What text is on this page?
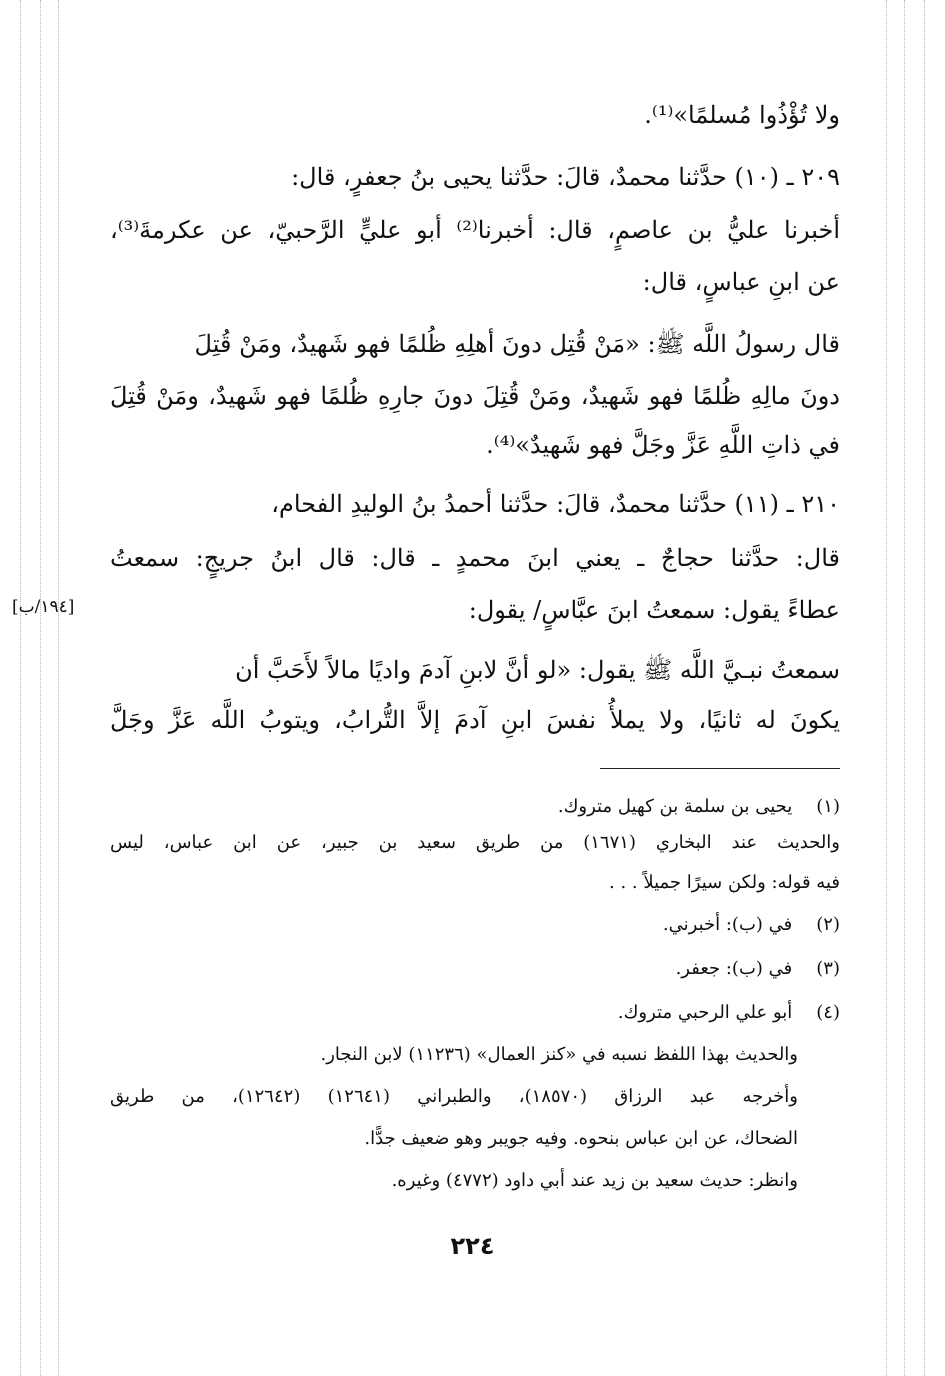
ولا تُؤْذُوا مُسلمًا»⁽¹⁾.
٢٠٩ ـ (١٠) حدَّثنا محمدٌ، قالَ: حدَّثنا يحيى بنُ جعفرٍ، قال:
أخبرنا عليُّ بن عاصمٍ، قال: أخبرنا⁽²⁾ أبو عليٍّ الرَّحبيّ، عن عكرمةَ⁽³⁾،
عن ابنِ عباسٍ، قال:
قال رسولُ اللَّه ﷺ: «مَنْ قُتِل دونَ أهلِهِ ظُلمًا فهو شَهيدٌ، ومَنْ قُتِلَ
دونَ مالِهِ ظُلمًا فهو شَهيدٌ، ومَنْ قُتِلَ دونَ جارِهِ ظُلمًا فهو شَهيدٌ، ومَنْ قُتِلَ
في ذاتِ اللَّهِ عَزَّ وجَلَّ فهو شَهيدٌ»⁽⁴⁾.
٢١٠ ـ (١١) حدَّثنا محمدٌ، قالَ: حدَّثنا أحمدُ بنُ الوليدِ الفحام،
قال: حدَّثنا حجاجٌ ـ يعني ابنَ محمدٍ ـ قال: قال ابنُ جريجٍ: سمعتُ
عطاءً يقول: سمعتُ ابنَ عبَّاسٍ/ يقول:
سمعتُ نبـيَّ اللَّه ﷺ يقول: «لو أنَّ لابنِ آدمَ واديًا مالاً لأَحَبَّ أن
يكونَ له ثانيًا، ولا يملأُ نفسَ ابنِ آدمَ إلاَّ التُّرابُ، ويتوبُ اللَّه عَزَّ وجَلَّ
[١٩٤/ب]
(١) يحيى بن سلمة بن كهيل متروك.
والحديث عند البخاري (١٦٧١) من طريق سعيد بن جبير، عن ابن عباس، ليس
فيه قوله: ولكن سيرًا جميلاً . . .
(٢) في (ب): أخبرني.
(٣) في (ب): جعفر.
(٤) أبو علي الرحبي متروك.
والحديث بهذا اللفظ نسبه في «كنز العمال» (١١٢٣٦) لابن النجار.
وأخرجه عبد الرزاق (١٨٥٧٠)، والطبراني (١٢٦٤١) (١٢٦٤٢)، من طريق
الضحاك، عن ابن عباس بنحوه. وفيه جويبر وهو ضعيف جدًّا.
وانظر: حديث سعيد بن زيد عند أبي داود (٤٧٧٢) وغيره.
٢٢٤
